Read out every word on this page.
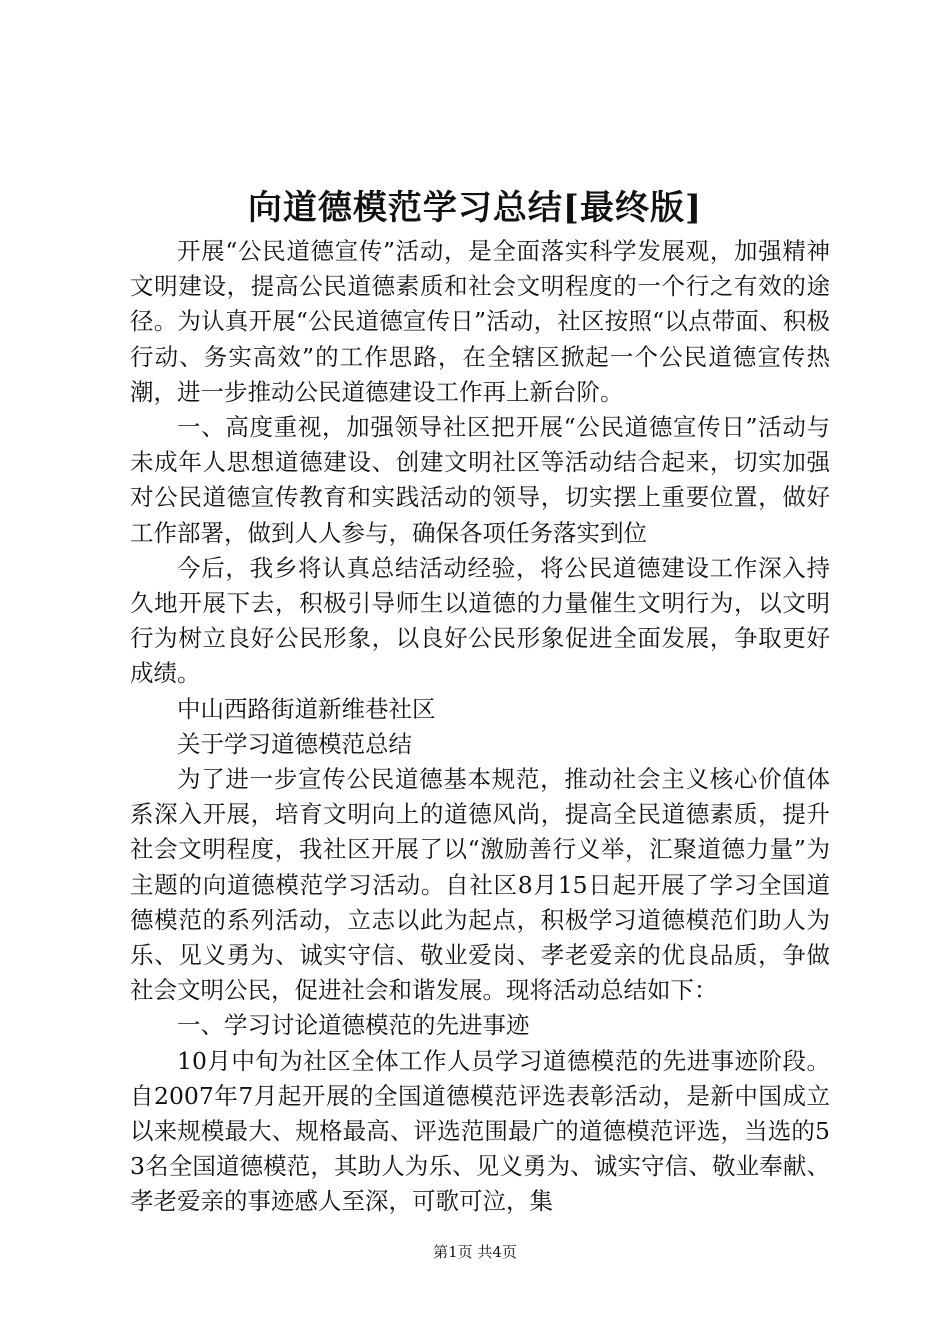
向道德模范学习总结[最终版]

开展“公民道德宣传”活动，是全面落实科学发展观，加强精神文明建设，提高公民道德素质和社会文明程度的一个行之有效的途径。为认真开展“公民道德宣传日”活动，社区按照“以点带面、积极行动、务实高效”的工作思路，在全辖区掀起一个公民道德宣传热潮，进一步推动公民道德建设工作再上新台阶。

一、高度重视，加强领导社区把开展“公民道德宣传日”活动与未成年人思想道德建设、创建文明社区等活动结合起来，切实加强对公民道德宣传教育和实践活动的领导，切实摆上重要位置，做好工作部署，做到人人参与，确保各项任务落实到位

今后，我乡将认真总结活动经验，将公民道德建设工作深入持久地开展下去，积极引导师生以道德的力量催生文明行为，以文明行为树立良好公民形象，以良好公民形象促进全面发展，争取更好成绩。

中山西路街道新维巷社区

关于学习道德模范总结

为了进一步宣传公民道德基本规范，推动社会主义核心价值体系深入开展，培育文明向上的道德风尚，提高全民道德素质，提升社会文明程度，我社区开展了以“激励善行义举，汇聚道德力量”为主题的向道德模范学习活动。自社区8月15日起开展了学习全国道德模范的系列活动，立志以此为起点，积极学习道德模范们助人为乐、见义勇为、诚实守信、敬业爱岗、孝老爱亲的优良品质，争做社会文明公民，促进社会和谐发展。现将活动总结如下：

一、学习讨论道德模范的先进事迹

10月中旬为社区全体工作人员学习道德模范的先进事迹阶段。自2007年7月起开展的全国道德模范评选表彰活动，是新中国成立以来规模最大、规格最高、评选范围最广的道德模范评选，当选的53名全国道德模范，其助人为乐、见义勇为、诚实守信、敬业奉献、孝老爱亲的事迹感人至深，可歌可泣，集

第1页 共4页
